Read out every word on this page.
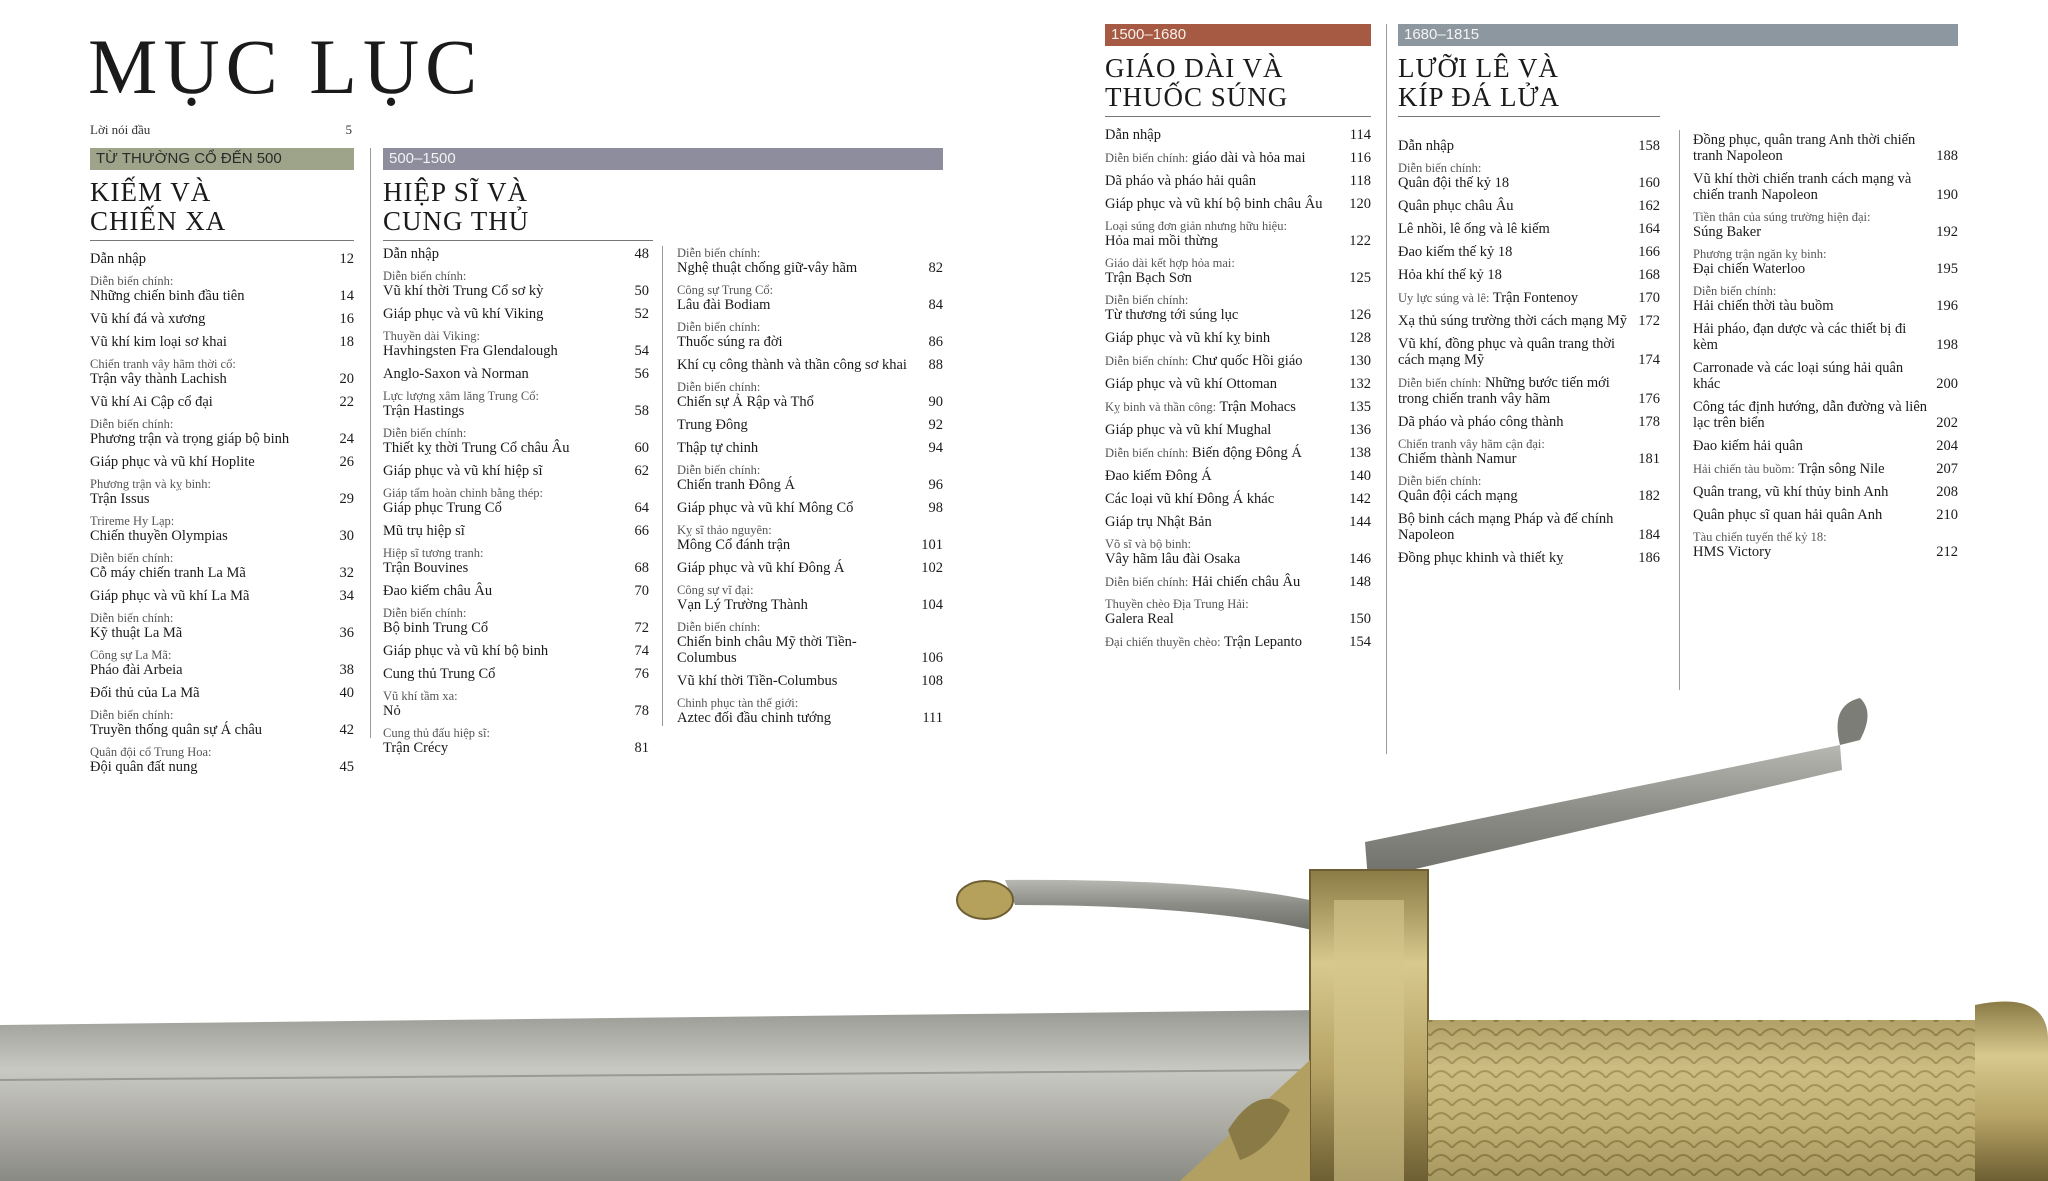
MỤC LỤC
Lời nói đầu	5
TỪ THƯỜNG CỔ ĐẾN 500
KIẾM VÀ
CHIẾN XA
Dẫn nhập	12
Diễn biến chính:
Những chiến binh đầu tiên	14
Vũ khí đá và xương	16
Vũ khí kim loại sơ khai	18
Chiến tranh vây hãm thời cổ:
Trận vây thành Lachish	20
Vũ khí Ai Cập cổ đại	22
Diễn biến chính:
Phương trận và trọng giáp bộ binh	24
Giáp phục và vũ khí Hoplite	26
Phương trận và kỵ binh:
Trận Issus	29
Trireme Hy Lạp:
Chiến thuyền Olympias	30
Diễn biến chính:
Cỗ máy chiến tranh La Mã	32
Giáp phục và vũ khí La Mã	34
Diễn biến chính:
Kỹ thuật La Mã	36
Công sự La Mã:
Pháo đài Arbeia	38
Đối thủ của La Mã	40
Diễn biến chính:
Truyền thống quân sự Á châu	42
Quân đội cổ Trung Hoa:
Đội quân đất nung	45
500–1500
HIỆP SĨ VÀ
CUNG THỦ
Dẫn nhập	48
Diễn biến chính:
Vũ khí thời Trung Cổ sơ kỳ	50
Giáp phục và vũ khí Viking	52
Thuyền dài Viking:
Havhingsten Fra Glendalough	54
Anglo-Saxon và Norman	56
Lực lượng xâm lăng Trung Cổ:
Trận Hastings	58
Diễn biến chính:
Thiết kỵ thời Trung Cổ châu Âu	60
Giáp phục và vũ khí hiệp sĩ	62
Giáp tấm hoàn chỉnh bằng thép:
Giáp phục Trung Cổ	64
Mũ trụ hiệp sĩ	66
Hiệp sĩ tương tranh:
Trận Bouvines	68
Đao kiếm châu Âu	70
Diễn biến chính:
Bộ binh Trung Cổ	72
Giáp phục và vũ khí bộ binh	74
Cung thủ Trung Cổ	76
Vũ khí tầm xa:
Nỏ	78
Cung thủ đấu hiệp sĩ:
Trận Crécy	81
Diễn biến chính:
Nghệ thuật chống giữ-vây hãm	82
Công sự Trung Cổ:
Lâu đài Bodiam	84
Diễn biến chính:
Thuốc súng ra đời	86
Khí cụ công thành và thần công sơ khai	88
Diễn biến chính:
Chiến sự Ả Rập và Thổ	90
Trung Đông	92
Thập tự chinh	94
Diễn biến chính:
Chiến tranh Đông Á	96
Giáp phục và vũ khí Mông Cổ	98
Kỵ sĩ thảo nguyên:
Mông Cổ đánh trận	101
Giáp phục và vũ khí Đông Á	102
Công sự vĩ đại:
Vạn Lý Trường Thành	104
Diễn biến chính:
Chiến binh châu Mỹ thời Tiền-Columbus	106
Vũ khí thời Tiền-Columbus	108
Chinh phục tàn thế giới:
Aztec đối đầu chinh tướng	111
1500–1680
GIÁO DÀI VÀ
THUỐC SÚNG
Dẫn nhập	114
Diễn biến chính: giáo dài và hỏa mai	116
Dã pháo và pháo hải quân	118
Giáp phục và vũ khí bộ binh châu Âu	120
Loại súng đơn giản nhưng hữu hiệu:
Hỏa mai mồi thừng	122
Giáo dài kết hợp hỏa mai:
Trận Bạch Sơn	125
Diễn biến chính:
Từ thương tới súng lục	126
Giáp phục và vũ khí kỵ binh	128
Diễn biến chính: Chư quốc Hồi giáo	130
Giáp phục và vũ khí Ottoman	132
Kỵ binh và thần công: Trận Mohacs	135
Giáp phục và vũ khí Mughal	136
Diễn biến chính: Biến động Đông Á	138
Đao kiếm Đông Á	140
Các loại vũ khí Đông Á khác	142
Giáp trụ Nhật Bản	144
Võ sĩ và bộ binh:
Vây hãm lâu đài Osaka	146
Diễn biến chính: Hải chiến châu Âu	148
Thuyền chèo Địa Trung Hải:
Galera Real	150
Đại chiến thuyền chèo: Trận Lepanto	154
1680–1815
LƯỠI LÊ VÀ
KÍP ĐÁ LỬA
Dẫn nhập	158
Diễn biến chính:
Quân đội thế kỷ 18	160
Quân phục châu Âu	162
Lê nhồi, lê ống và lê kiếm	164
Đao kiếm thế kỷ 18	166
Hỏa khí thế kỷ 18	168
Uy lực súng và lê: Trận Fontenoy	170
Xạ thủ súng trường thời cách mạng Mỹ 172
Vũ khí, đồng phục và quân trang thời cách mạng Mỹ	174
Diễn biến chính: Những bước tiến mới trong chiến tranh vây hãm	176
Dã pháo và pháo công thành	178
Chiến tranh vây hãm cận đại:
Chiếm thành Namur	181
Diễn biến chính:
Quân đội cách mạng	182
Bộ binh cách mạng Pháp và đế chính Napoleon	184
Đồng phục khinh và thiết kỵ	186
Đồng phục, quân trang Anh thời chiến tranh Napoleon	188
Vũ khí thời chiến tranh cách mạng và chiến tranh Napoleon	190
Tiền thân của súng trường hiện đại:
Súng Baker	192
Phương trận ngăn kỵ binh:
Đại chiến Waterloo	195
Diễn biến chính:
Hải chiến thời tàu buồm	196
Hải pháo, đạn dược và các thiết bị đi kèm	198
Carronade và các loại súng hải quân khác	200
Công tác định hướng, dẫn đường và liên lạc trên biển	202
Đao kiếm hải quân	204
Hải chiến tàu buồm: Trận sông Nile	207
Quân trang, vũ khí thủy binh Anh	208
Quân phục sĩ quan hải quân Anh	210
Tàu chiến tuyến thế kỷ 18:
HMS Victory	212
